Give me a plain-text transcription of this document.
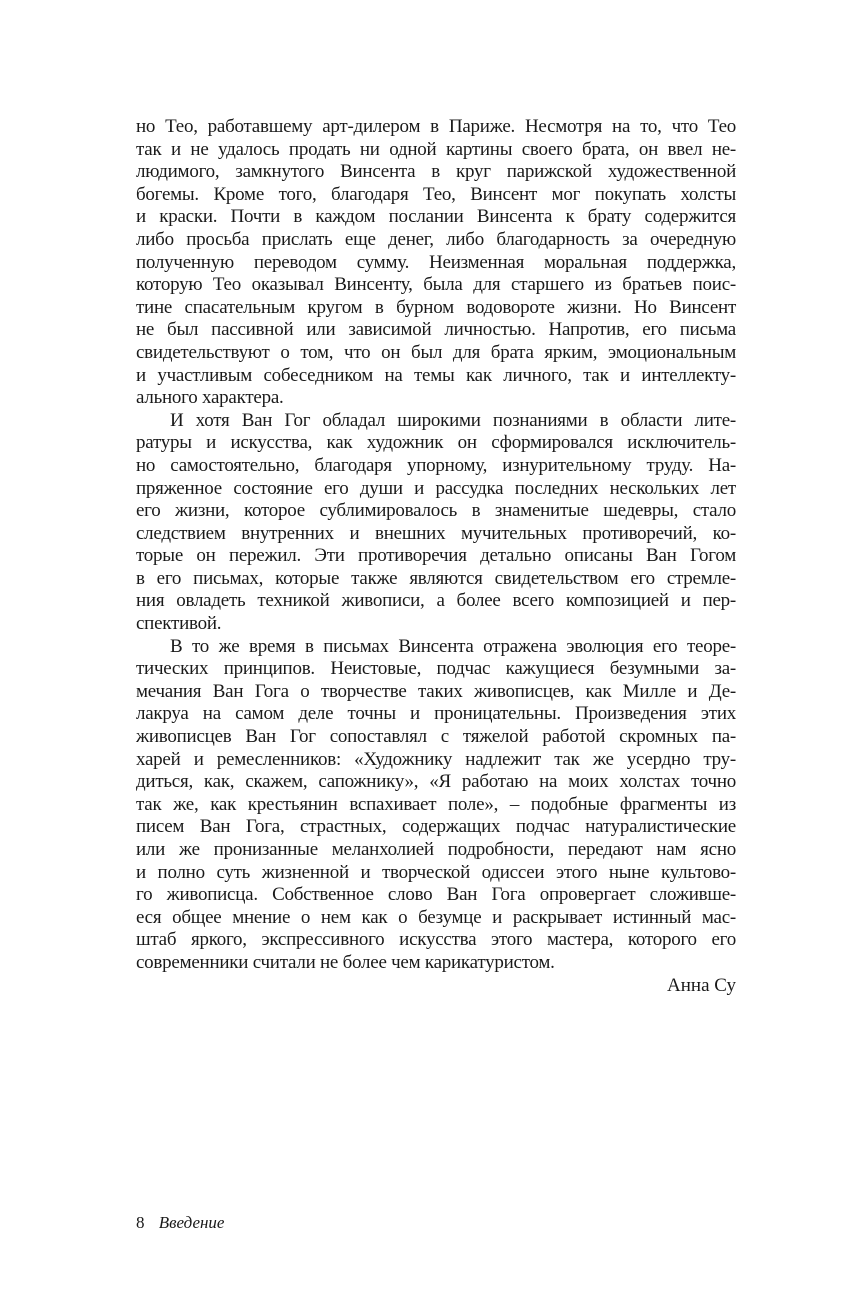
но Тео, работавшему арт-дилером в Париже. Несмотря на то, что Тео
так и не удалось продать ни одной картины своего брата, он ввел не-
людимого, замкнутого Винсента в круг парижской художественной
богемы. Кроме того, благодаря Тео, Винсент мог покупать холсты
и краски. Почти в каждом послании Винсента к брату содержится
либо просьба прислать еще денег, либо благодарность за очередную
полученную переводом сумму. Неизменная моральная поддержка,
которую Тео оказывал Винсенту, была для старшего из братьев поис-
тине спасательным кругом в бурном водовороте жизни. Но Винсент
не был пассивной или зависимой личностью. Напротив, его письма
свидетельствуют о том, что он был для брата ярким, эмоциональным
и участливым собеседником на темы как личного, так и интеллекту-
ального характера.
И хотя Ван Гог обладал широкими познаниями в области лите-
ратуры и искусства, как художник он сформировался исключитель-
но самостоятельно, благодаря упорному, изнурительному труду. На-
пряженное состояние его души и рассудка последних нескольких лет
его жизни, которое сублимировалось в знаменитые шедевры, стало
следствием внутренних и внешних мучительных противоречий, ко-
торые он пережил. Эти противоречия детально описаны Ван Гогом
в его письмах, которые также являются свидетельством его стремле-
ния овладеть техникой живописи, а более всего композицией и пер-
спективой.
В то же время в письмах Винсента отражена эволюция его теоре-
тических принципов. Неистовые, подчас кажущиеся безумными за-
мечания Ван Гога о творчестве таких живописцев, как Милле и Де-
лакруа на самом деле точны и проницательны. Произведения этих
живописцев Ван Гог сопоставлял с тяжелой работой скромных па-
харей и ремесленников: «Художнику надлежит так же усердно тру-
диться, как, скажем, сапожнику», «Я работаю на моих холстах точно
так же, как крестьянин вспахивает поле», – подобные фрагменты из
писем Ван Гога, страстных, содержащих подчас натуралистические
или же пронизанные меланхолией подробности, передают нам ясно
и полно суть жизненной и творческой одиссеи этого ныне культово-
го живописца. Собственное слово Ван Гога опровергает сложивше-
еся общее мнение о нем как о безумце и раскрывает истинный мас-
штаб яркого, экспрессивного искусства этого мастера, которого его
современники считали не более чем карикатуристом.
Анна Су
8 Введение
